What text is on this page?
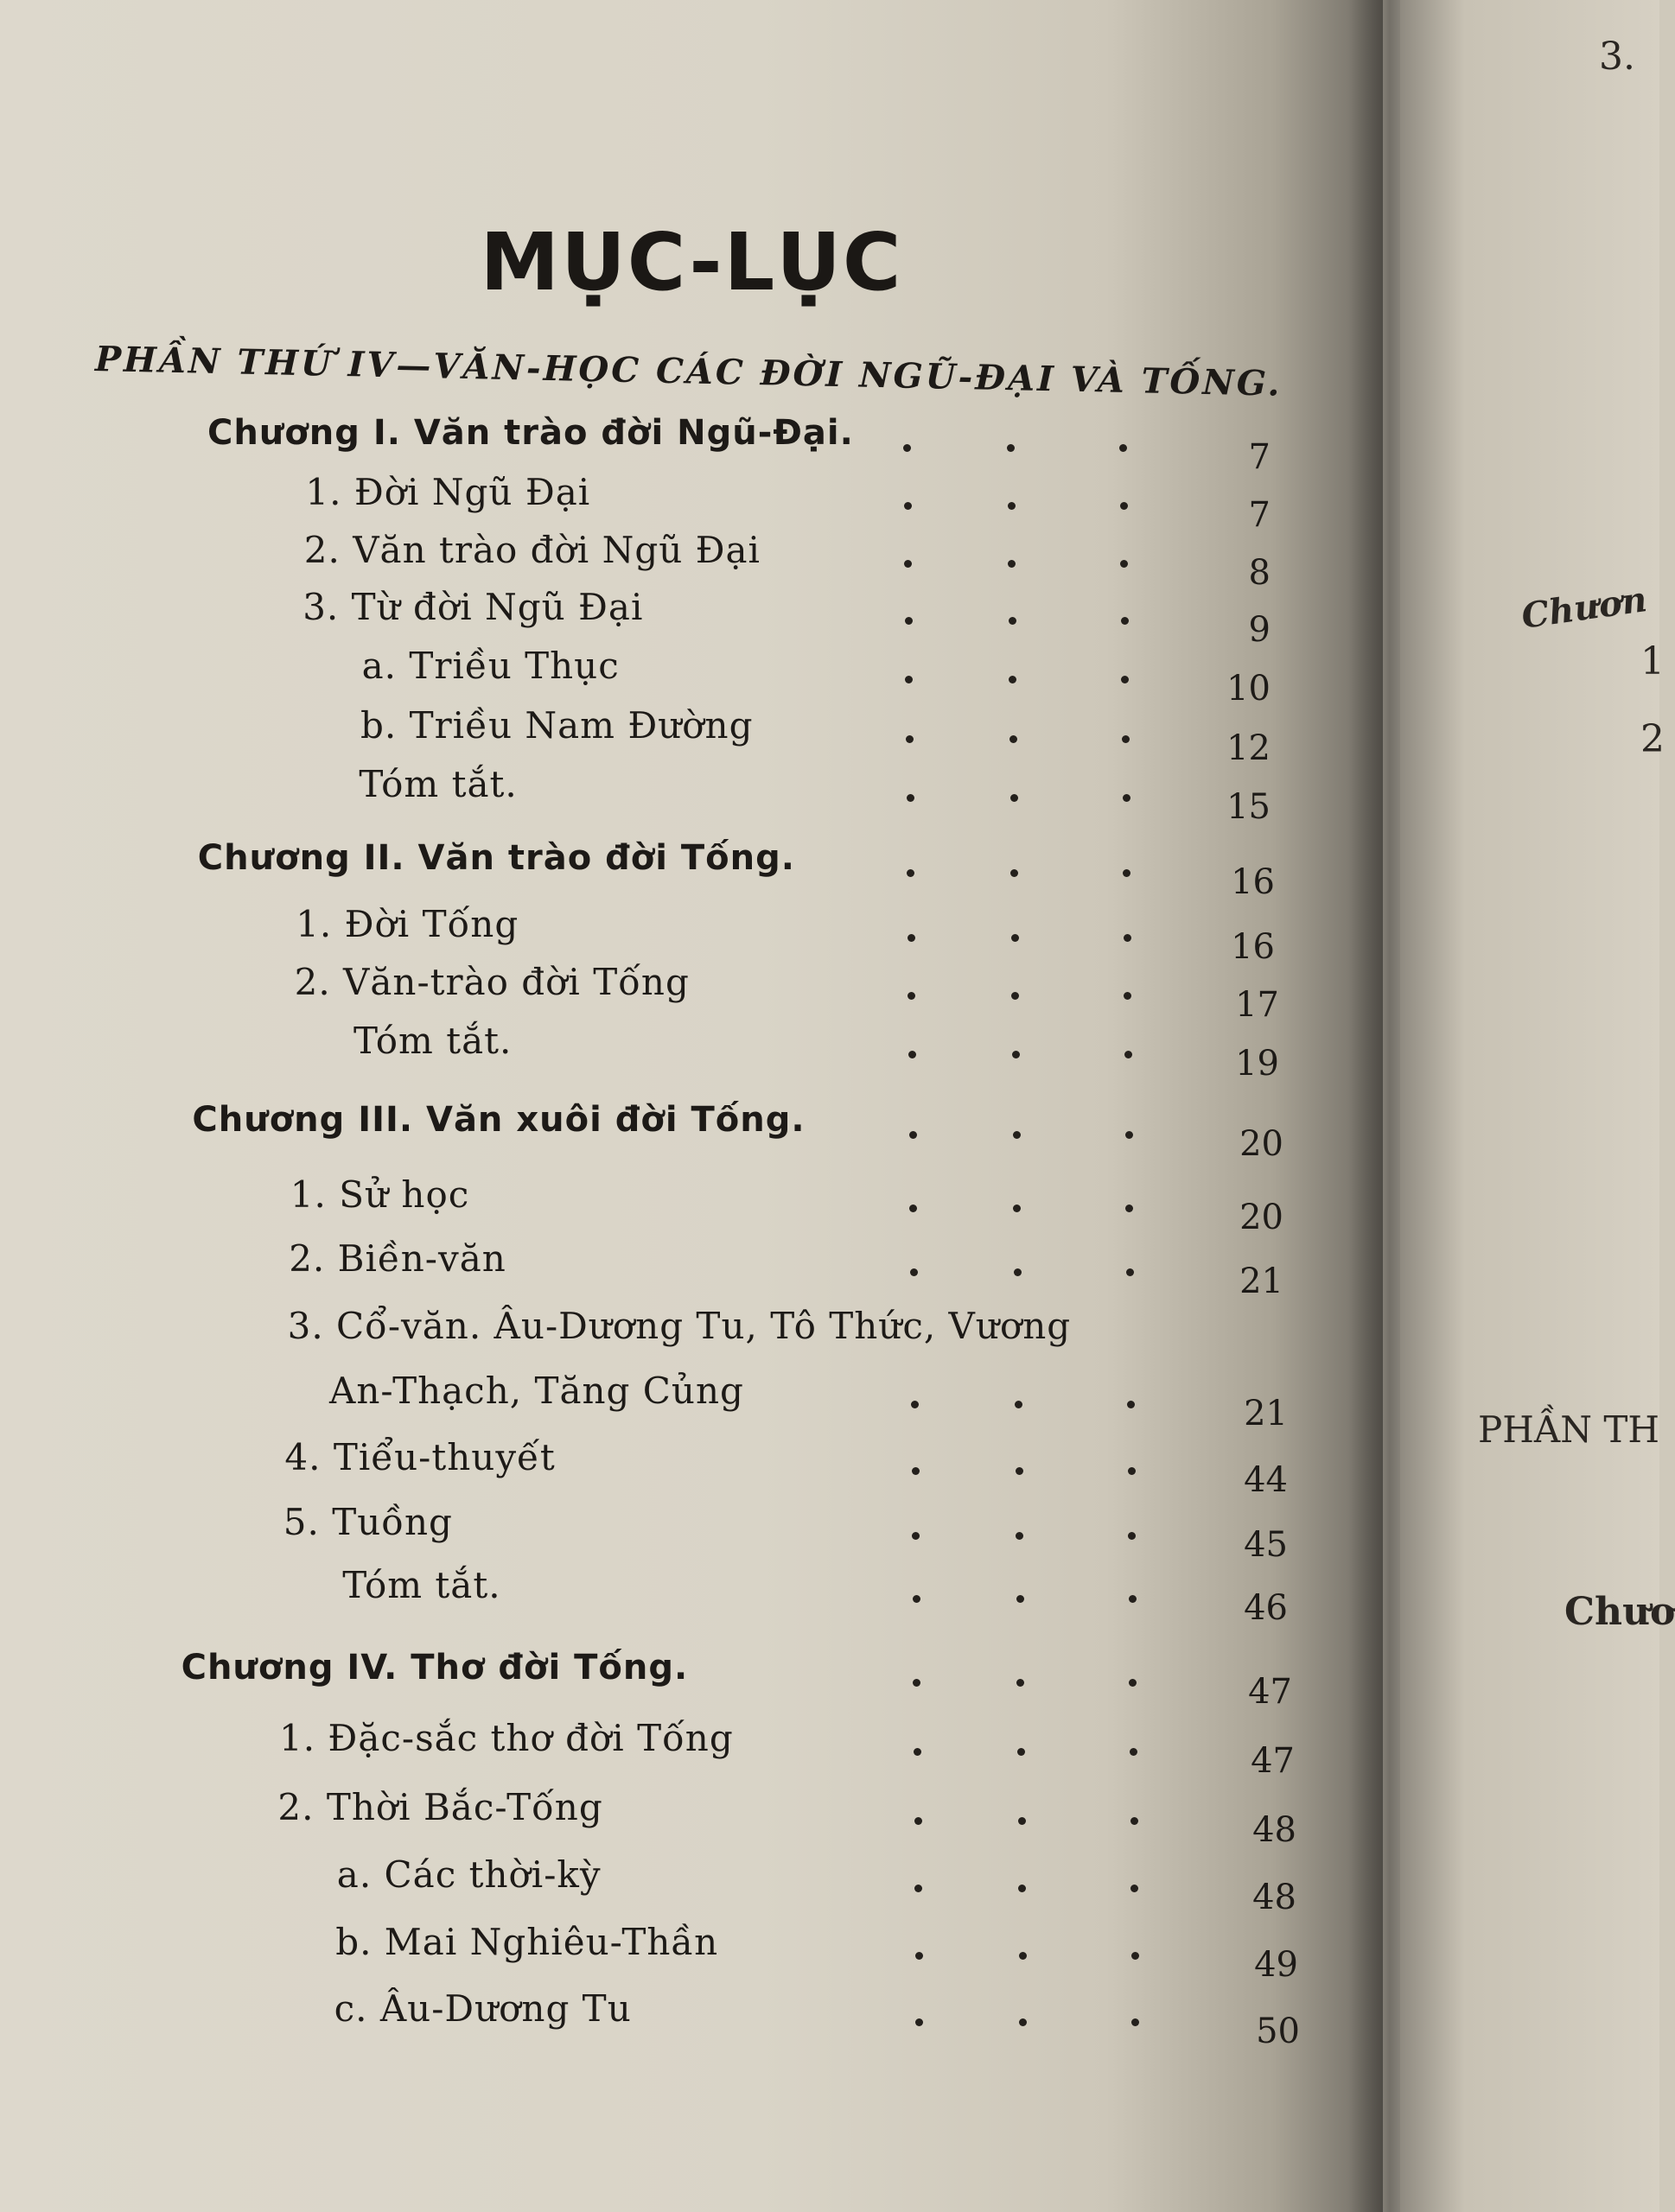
3.
Chươn
1
2
PHẦN TH
Chươ
MỤC-LỤC
PHẦN THỨ IV—VĂN-HỌC CÁC ĐỜI NGŨ-ĐẠI VÀ TỐNG.
Chương I. Văn trào đời Ngũ-Đại.
7
1. Đời Ngũ Đại
7
2. Văn trào đời Ngũ Đại
8
3. Từ đời Ngũ Đại
9
a. Triều Thục
10
b. Triều Nam Đường
12
Tóm tắt.
15
Chương II. Văn trào đời Tống.
16
1. Đời Tống
16
2. Văn-trào đời Tống
17
Tóm tắt.
19
Chương III. Văn xuôi đời Tống.
20
1. Sử học
20
2. Biền-văn
21
3. Cổ-văn. Âu-Dương Tu, Tô Thức, Vương
An-Thạch, Tăng Củng
21
4. Tiểu-thuyết
44
5. Tuồng
45
Tóm tắt.
46
Chương IV. Thơ đời Tống.
47
1. Đặc-sắc thơ đời Tống
47
2. Thời Bắc-Tống
48
a. Các thời-kỳ
48
b. Mai Nghiêu-Thần
49
c. Âu-Dương Tu
50
